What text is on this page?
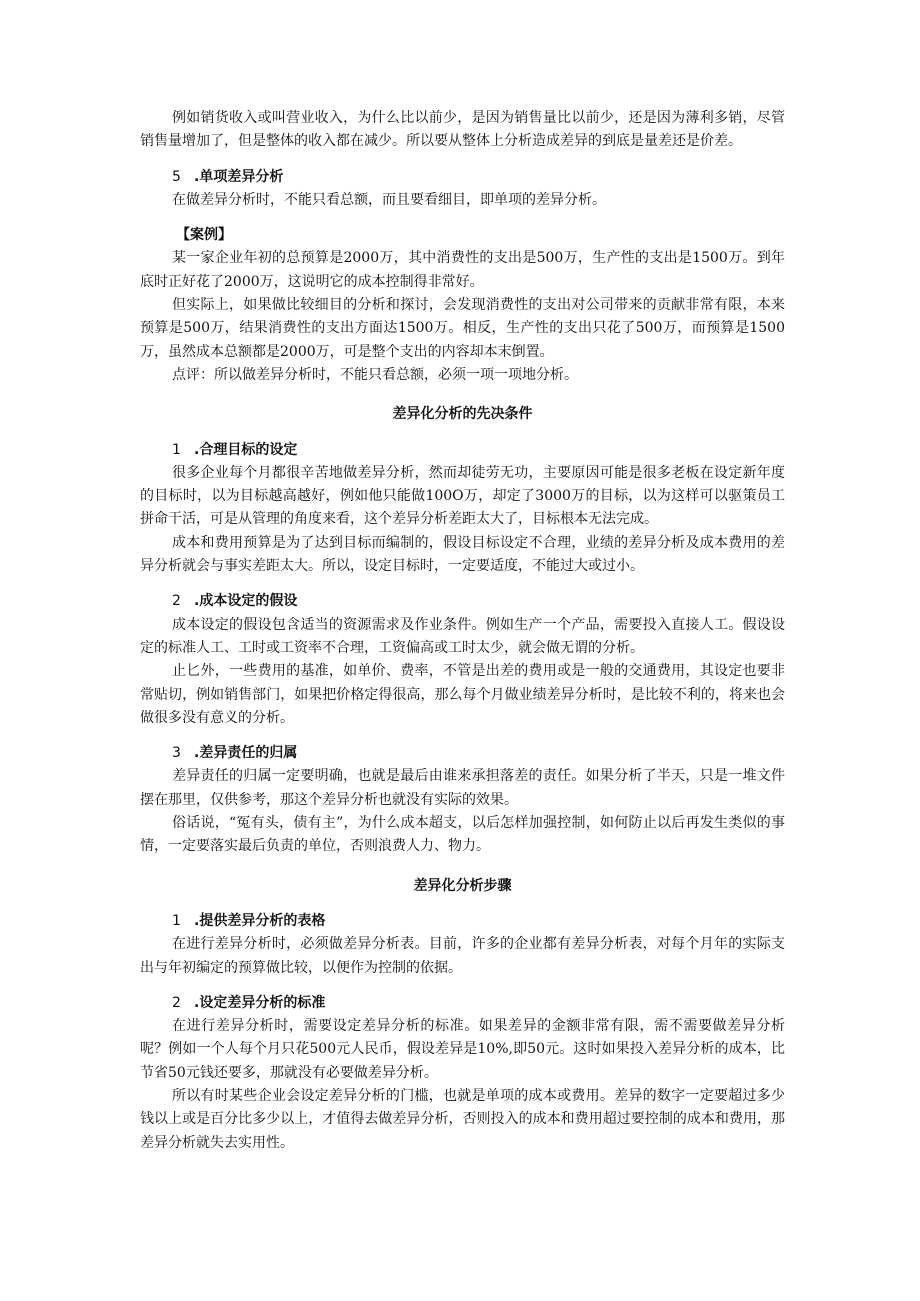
例如销货收入或叫营业收入，为什么比以前少，是因为销售量比以前少，还是因为薄利多销，尽管销售量增加了，但是整体的收入都在减少。所以要从整体上分析造成差异的到底是量差还是价差。

5 .单项差异分析

在做差异分析时，不能只看总额，而且要看细目，即单项的差异分析。

【案例】

某一家企业年初的总预算是2000万，其中消费性的支出是500万，生产性的支出是1500万。到年底时正好花了2000万，这说明它的成本控制得非常好。

但实际上，如果做比较细目的分析和探讨，会发现消费性的支出对公司带来的贡献非常有限，本来预算是500万，结果消费性的支出方面达1500万。相反，生产性的支出只花了500万，而预算是1500万，虽然成本总额都是2000万，可是整个支出的内容却本末倒置。

点评：所以做差异分析时，不能只看总额，必须一项一项地分析。

差异化分析的先决条件

1 .合理目标的设定

很多企业每个月都很辛苦地做差异分析，然而却徒劳无功，主要原因可能是很多老板在设定新年度的目标时，以为目标越高越好，例如他只能做100O万，却定了3000万的目标，以为这样可以驱策员工拼命干活，可是从管理的角度来看，这个差异分析差距太大了，目标根本无法完成。

成本和费用预算是为了达到目标而编制的，假设目标设定不合理，业绩的差异分析及成本费用的差异分析就会与事实差距太大。所以，设定目标时，一定要适度，不能过大或过小。

2 .成本设定的假设

成本设定的假设包含适当的资源需求及作业条件。例如生产一个产品，需要投入直接人工。假设设定的标准人工、工时或工资率不合理，工资偏高或工时太少，就会做无谓的分析。

止匕外，一些费用的基准，如单价、费率，不管是出差的费用或是一般的交通费用，其设定也要非常贴切，例如销售部门，如果把价格定得很高，那么每个月做业绩差异分析时，是比较不利的，将来也会做很多没有意义的分析。

3 .差异责任的归属

差异责任的归属一定要明确，也就是最后由谁来承担落差的责任。如果分析了半天，只是一堆文件摆在那里，仅供参考，那这个差异分析也就没有实际的效果。

俗话说，“冤有头，债有主”，为什么成本超支，以后怎样加强控制，如何防止以后再发生类似的事情，一定要落实最后负责的单位，否则浪费人力、物力。

差异化分析步骤

1 .提供差异分析的表格

在进行差异分析时，必须做差异分析表。目前，许多的企业都有差异分析表，对每个月年的实际支出与年初编定的预算做比较，以便作为控制的依据。

2 .设定差异分析的标准

在进行差异分析时，需要设定差异分析的标准。如果差异的金额非常有限，需不需要做差异分析呢？例如一个人每个月只花500元人民币，假设差异是10%,即50元。这时如果投入差异分析的成本，比节省50元钱还要多，那就没有必要做差异分析。

所以有时某些企业会设定差异分析的门槛，也就是单项的成本或费用。差异的数字一定要超过多少钱以上或是百分比多少以上，才值得去做差异分析，否则投入的成本和费用超过要控制的成本和费用，那差异分析就失去实用性。
